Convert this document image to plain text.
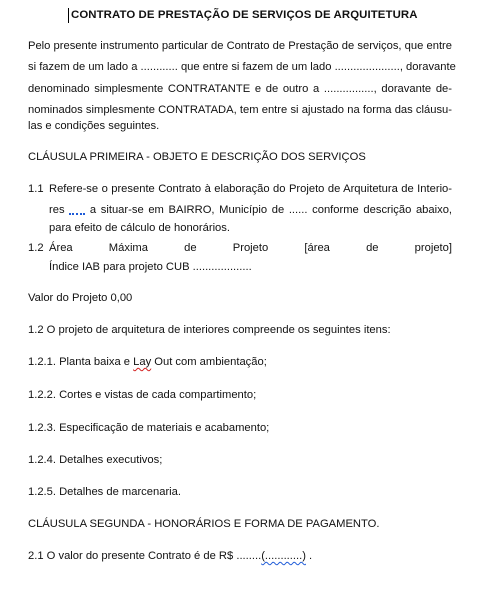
CONTRATO DE PRESTAÇÃO DE SERVIÇOS DE ARQUITETURA
Pelo presente instrumento particular de Contrato de Prestação de serviços, que entre
si fazem de um lado a ............ que entre si fazem de um lado ....................., doravante
denominado simplesmente CONTRATANTE e de outro a ................, doravante de-
nominados simplesmente CONTRATADA, tem entre si ajustado na forma das cláusu-
las e condições seguintes.
CLÁUSULA PRIMEIRA - OBJETO E DESCRIÇÃO DOS SERVIÇOS
1.1 Refere-se o presente Contrato à elaboração do Projeto de Arquitetura de Interio-
res a situar-se em BAIRRO, Município de ...... conforme descrição abaixo,
para efeito de cálculo de honorários.
1.2 Área Máxima de Projeto [área de projeto]
Índice IAB para projeto CUB ...................
Valor do Projeto 0,00
1.2 O projeto de arquitetura de interiores compreende os seguintes itens:
1.2.1. Planta baixa e Lay Out com ambientação;
1.2.2. Cortes e vistas de cada compartimento;
1.2.3. Especificação de materiais e acabamento;
1.2.4. Detalhes executivos;
1.2.5. Detalhes de marcenaria.
CLÁUSULA SEGUNDA - HONORÁRIOS E FORMA DE PAGAMENTO.
2.1 O valor do presente Contrato é de R$ ........(............) .
